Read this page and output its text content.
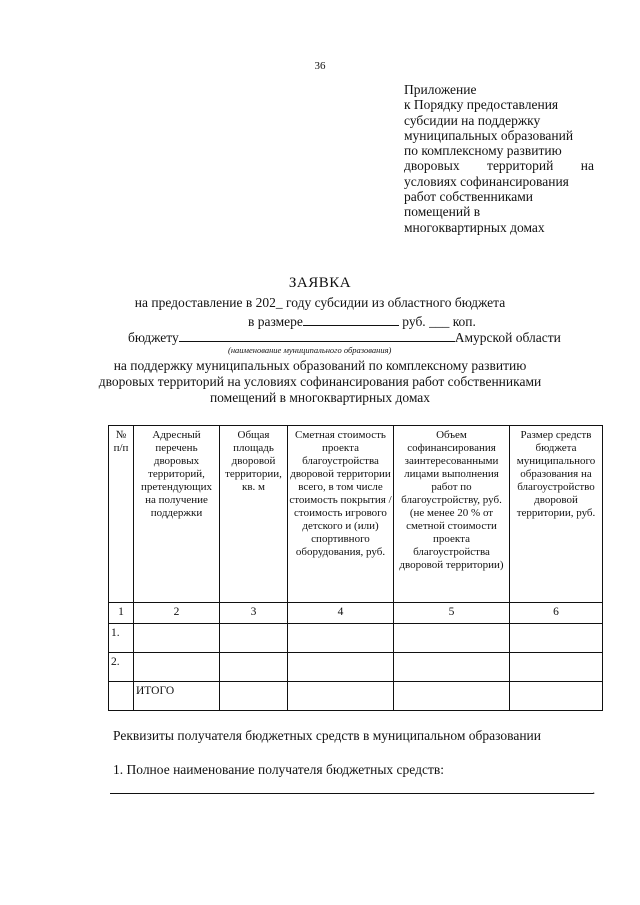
36
Приложение
к Порядку предоставления
субсидии на поддержку
муниципальных образований
по комплексному развитию
дворовых территорий на
условиях софинансирования
работ собственниками
помещений в
многоквартирных домах
ЗАЯВКА
на предоставление в 202_ году субсидии из областного бюджета
в размере	руб. ___ коп.
бюджету	Амурской области
(наименование муниципального образования)
на поддержку муниципальных образований по комплексному развитию
дворовых территорий на условиях софинансирования работ собственниками
помещений в многоквартирных домах
№ п/п	Адресный перечень дворовых территорий, претендующих на получение поддержки	Общая площадь дворовой территории, кв. м	Сметная стоимость проекта благоустройства дворовой территории всего, в том числе стоимость покрытия / стоимость игрового детского и (или) спортивного оборудования, руб.	Объем софинансирования заинтересованными лицами выполнения работ по благоустройству, руб. (не менее 20 % от сметной стоимости проекта благоустройства дворовой территории)	Размер средств бюджета муниципального образования на благоустройство дворовой территории, руб.
1	2	3	4	5	6
1.					
2.					
	ИТОГО				
Реквизиты получателя бюджетных средств в муниципальном образовании
1. Полное наименование получателя бюджетных средств:
.
